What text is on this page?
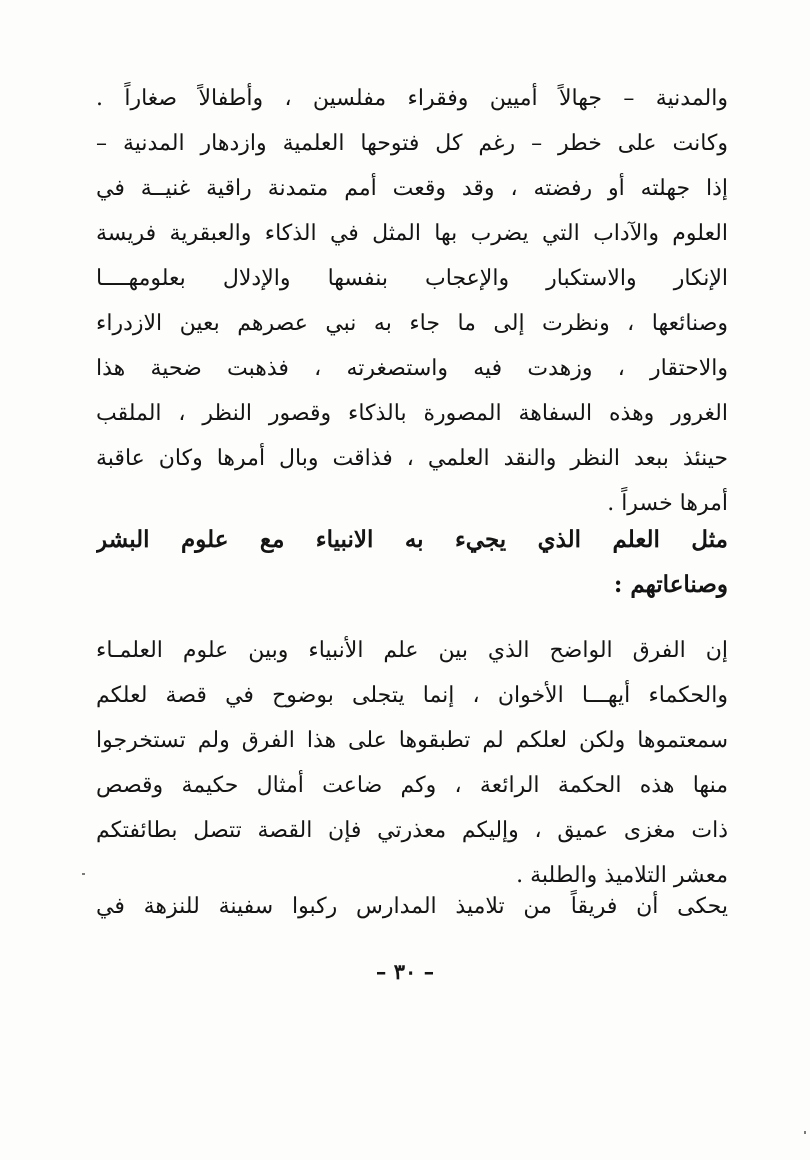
والمدنية – جهالاً أميين وفقراء مفلسين ، وأطفالاً صغاراً .
وكانت على خطر – رغم كل فتوحها العلمية وازدهار المدنية –
إذا جهلته أو رفضته ، وقد وقعت أمم متمدنة راقية غنيــة في
العلوم والآداب التي يضرب بها المثل في الذكاء والعبقرية فريسة
الإنكار والاستكبار والإعجاب بنفسها والإدلال بعلومهــــا
وصنائعها ، ونظرت إلى ما جاء به نبي عصرهم بعين الازدراء
والاحتقار ، وزهدت فيه واستصغرته ، فذهبت ضحية هذا
الغرور وهذه السفاهة المصورة بالذكاء وقصور النظر ، الملقب
حينئذ ببعد النظر والنقد العلمي ، فذاقت وبال أمرها وكان عاقبة
أمرها خسراً .
مثل العلم الذي يجيء به الانبياء مع علوم البشر
وصناعاتهم :
إن الفرق الواضح الذي بين علم الأنبياء وبين علوم العلمـاء
والحكماء أيهـــا الأخوان ، إنما يتجلى بوضوح في قصة لعلكم
سمعتموها ولكن لعلكم لم تطبقوها على هذا الفرق ولم تستخرجوا
منها هذه الحكمة الرائعة ، وكم ضاعت أمثال حكيمة وقصص
ذات مغزى عميق ، وإليكم معذرتي فإن القصة تتصل بطائفتكم
معشر التلاميذ والطلبة .
يحكى أن فريقاً من تلاميذ المدارس ركبوا سفينة للنزهة في
– ٣٠ –
